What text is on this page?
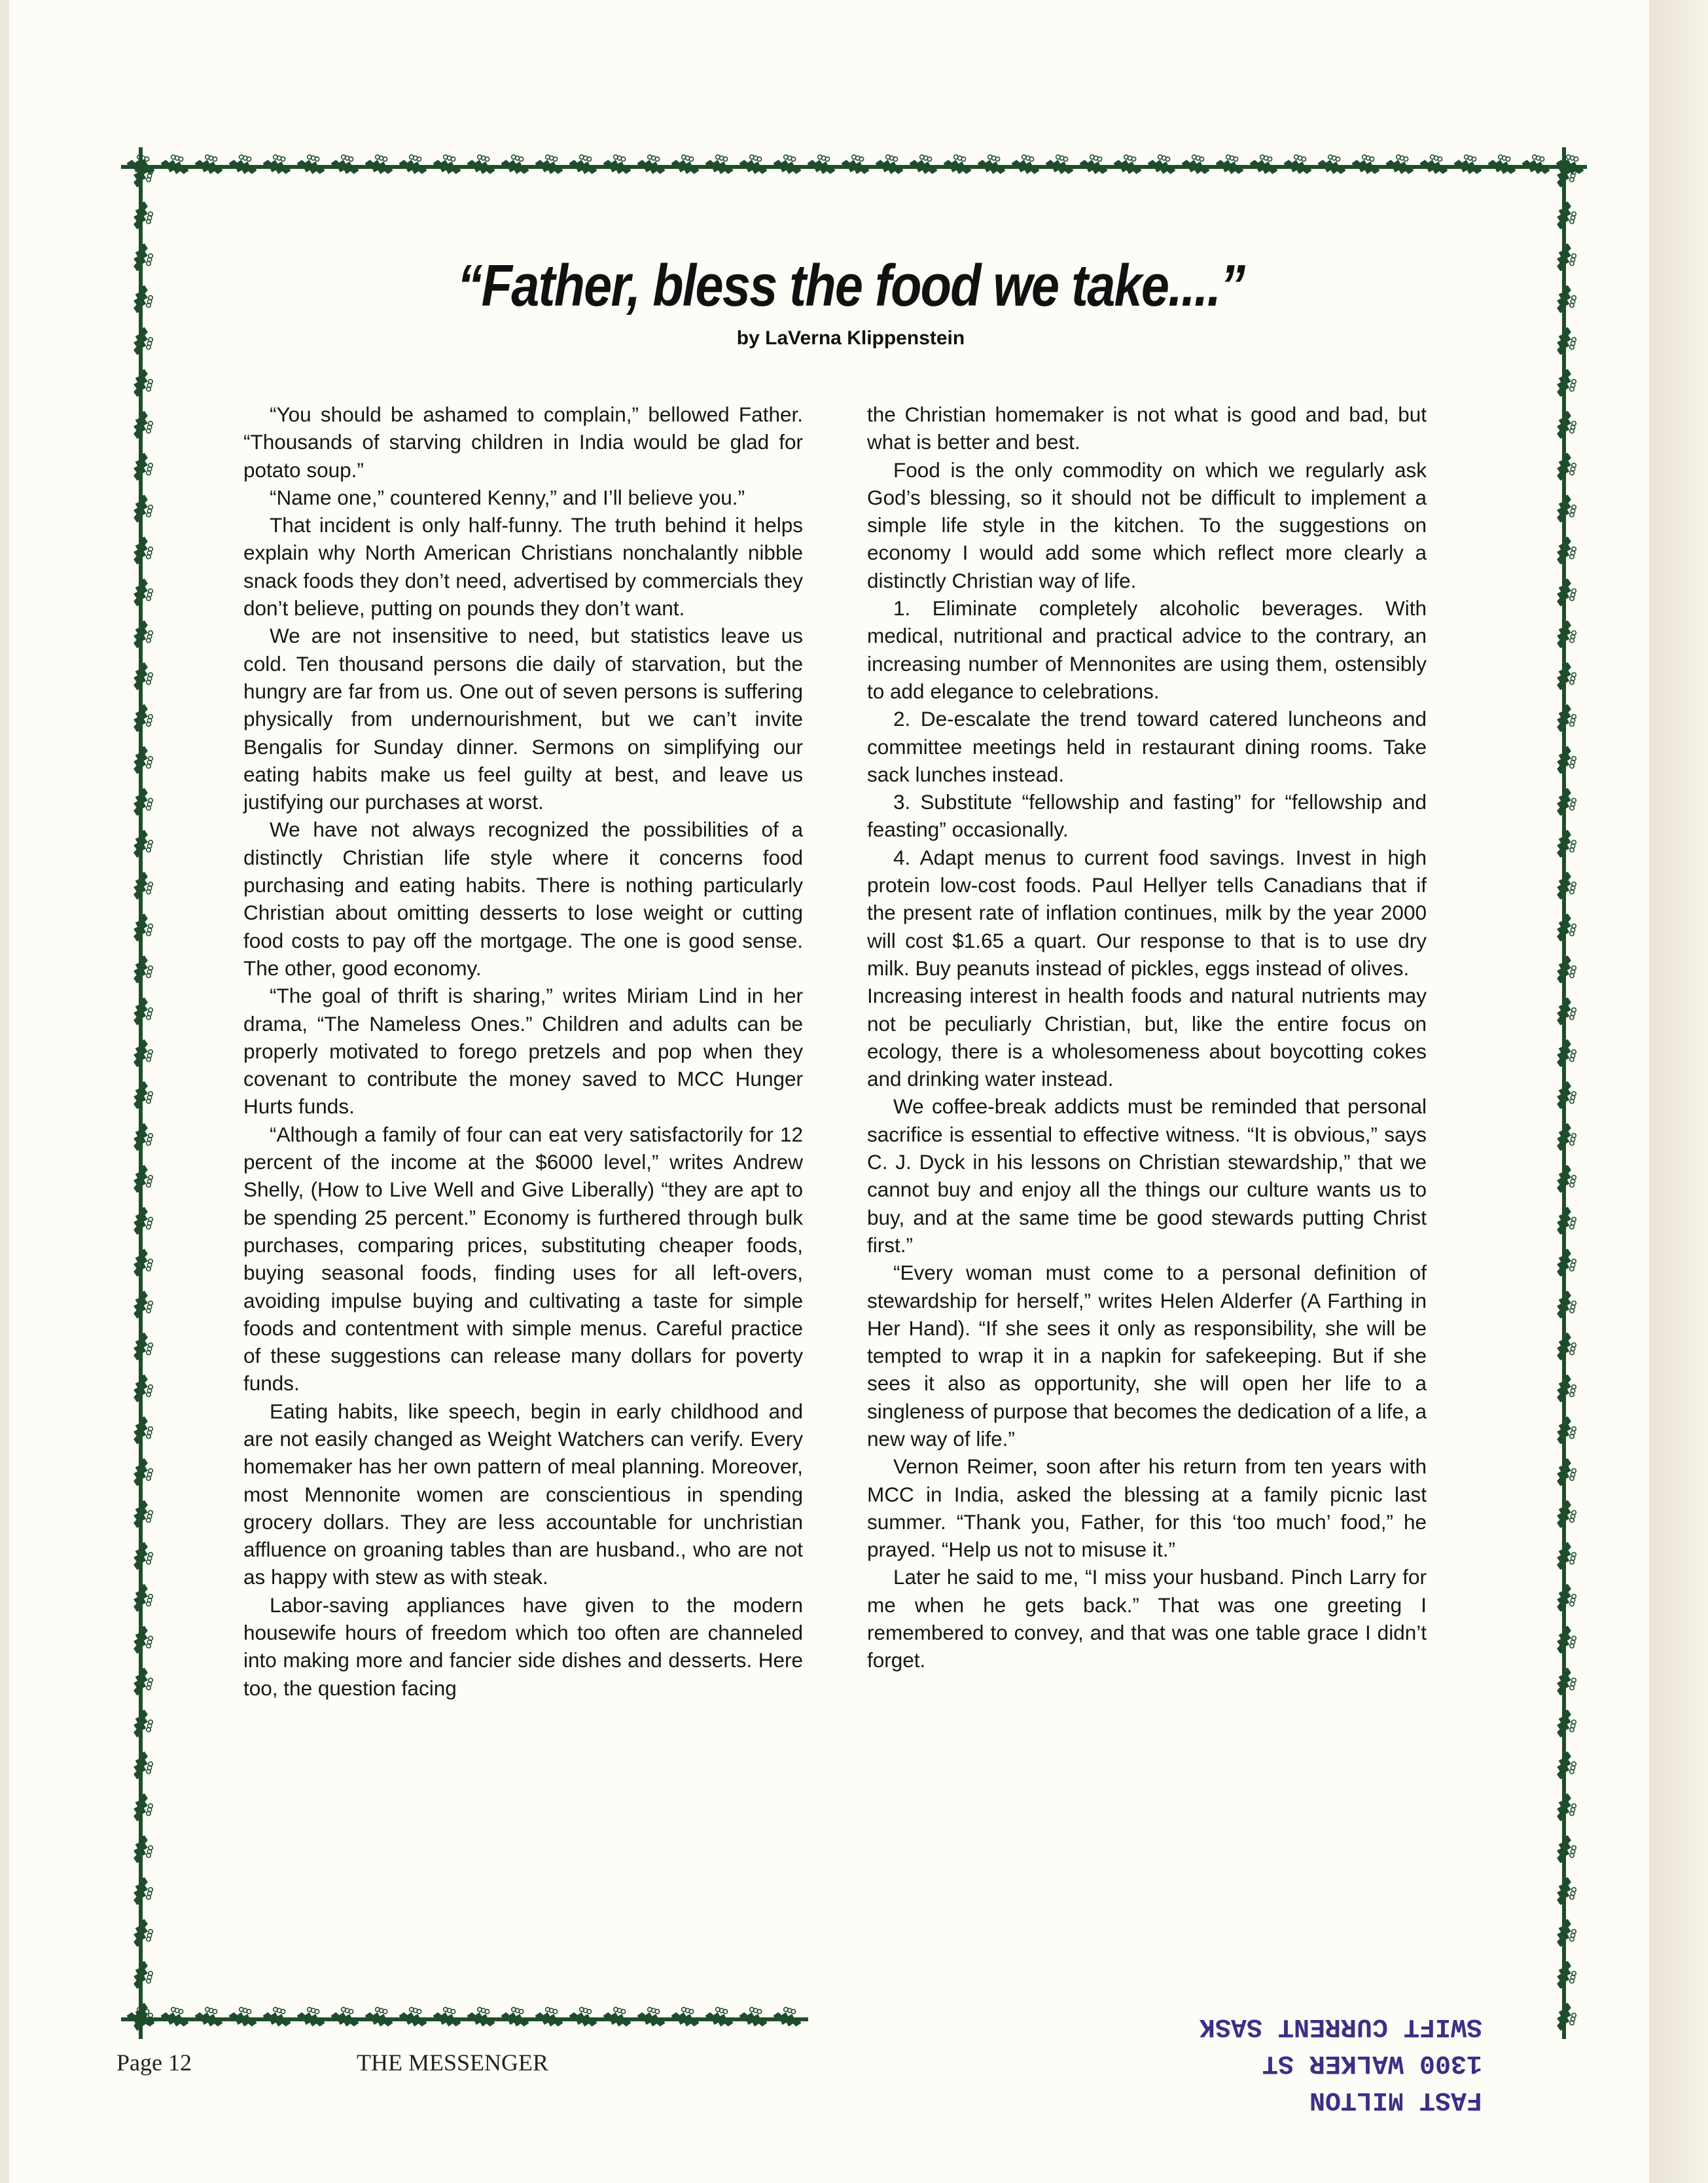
“Father, bless the food we take....”
by LaVerna Klippenstein

“You should be ashamed to complain,” bellowed Father. “Thousands of starving children in India would be glad for potato soup.”

“Name one,” countered Kenny,” and I’ll believe you.”

That incident is only half-funny. The truth behind it helps explain why North American Christians nonchalantly nibble snack foods they don’t need, advertised by commercials they don’t believe, putting on pounds they don’t want.

We are not insensitive to need, but statistics leave us cold. Ten thousand persons die daily of starvation, but the hungry are far from us. One out of seven persons is suffering physically from undernourishment, but we can’t invite Bengalis for Sunday dinner. Sermons on simplifying our eating habits make us feel guilty at best, and leave us justifying our purchases at worst.

We have not always recognized the possibilities of a distinctly Christian life style where it concerns food purchasing and eating habits. There is nothing particularly Christian about omitting desserts to lose weight or cutting food costs to pay off the mortgage. The one is good sense. The other, good economy.

“The goal of thrift is sharing,” writes Miriam Lind in her drama, “The Nameless Ones.” Children and adults can be properly motivated to forego pretzels and pop when they covenant to contribute the money saved to MCC Hunger Hurts funds.

“Although a family of four can eat very satisfactorily for 12 percent of the income at the $6000 level,” writes Andrew Shelly, (How to Live Well and Give Liberally) “they are apt to be spending 25 percent.” Economy is furthered through bulk purchases, comparing prices, substituting cheaper foods, buying seasonal foods, finding uses for all left-overs, avoiding impulse buying and cultivating a taste for simple foods and contentment with simple menus. Careful practice of these suggestions can release many dollars for poverty funds.

Eating habits, like speech, begin in early childhood and are not easily changed as Weight Watchers can verify. Every homemaker has her own pattern of meal planning. Moreover, most Mennonite women are conscientious in spending grocery dollars. They are less accountable for unchristian affluence on groaning tables than are husband., who are not as happy with stew as with steak.

Labor-saving appliances have given to the modern housewife hours of freedom which too often are channeled into making more and fancier side dishes and desserts. Here too, the question facing

the Christian homemaker is not what is good and bad, but what is better and best.

Food is the only commodity on which we regularly ask God’s blessing, so it should not be difficult to implement a simple life style in the kitchen. To the suggestions on economy I would add some which reflect more clearly a distinctly Christian way of life.

1. Eliminate completely alcoholic beverages. With medical, nutritional and practical advice to the contrary, an increasing number of Mennonites are using them, ostensibly to add elegance to celebrations.

2. De-escalate the trend toward catered luncheons and committee meetings held in restaurant dining rooms. Take sack lunches instead.

3. Substitute “fellowship and fasting” for “fellowship and feasting” occasionally.

4. Adapt menus to current food savings. Invest in high protein low-cost foods. Paul Hellyer tells Canadians that if the present rate of inflation continues, milk by the year 2000 will cost $1.65 a quart. Our response to that is to use dry milk. Buy peanuts instead of pickles, eggs instead of olives.

Increasing interest in health foods and natural nutrients may not be peculiarly Christian, but, like the entire focus on ecology, there is a wholesomeness about boycotting cokes and drinking water instead.

We coffee-break addicts must be reminded that personal sacrifice is essential to effective witness. “It is obvious,” says C. J. Dyck in his lessons on Christian stewardship,” that we cannot buy and enjoy all the things our culture wants us to buy, and at the same time be good stewards putting Christ first.”

“Every woman must come to a personal definition of stewardship for herself,” writes Helen Alderfer (A Farthing in Her Hand). “If she sees it only as responsibility, she will be tempted to wrap it in a napkin for safekeeping. But if she sees it also as opportunity, she will open her life to a singleness of purpose that becomes the dedication of a life, a new way of life.”

Vernon Reimer, soon after his return from ten years with MCC in India, asked the blessing at a family picnic last summer. “Thank you, Father, for this ‘too much’ food,” he prayed. “Help us not to misuse it.”

Later he said to me, “I miss your husband. Pinch Larry for me when he gets back.” That was one greeting I remembered to convey, and that was one table grace I didn’t forget.

Page 12	THE MESSENGER
FAST MILTON
1300 WALKER ST
SWIFT CURRENT SASK
